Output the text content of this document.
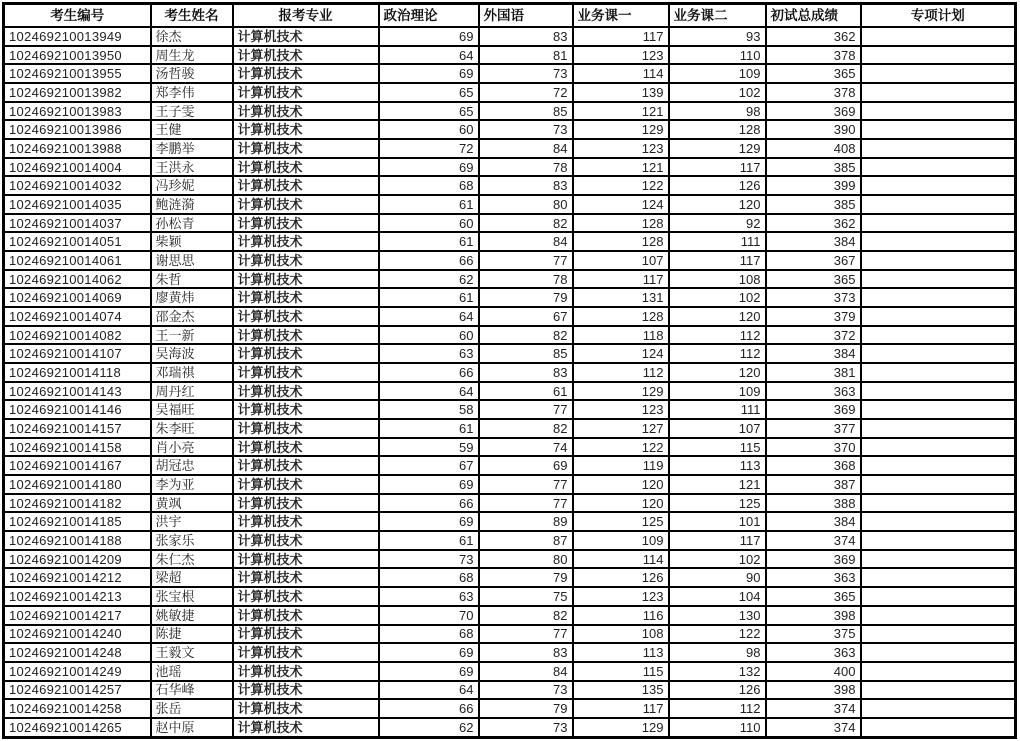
考生编号	考生姓名	报考专业	政治理论	外国语	业务课一	业务课二	初试总成绩	专项计划
102469210013949	徐杰	计算机技术	69	83	117	93	362	
102469210013950	周生龙	计算机技术	64	81	123	110	378	
102469210013955	汤哲骏	计算机技术	69	73	114	109	365	
102469210013982	郑李伟	计算机技术	65	72	139	102	378	
102469210013983	王子雯	计算机技术	65	85	121	98	369	
102469210013986	王健	计算机技术	60	73	129	128	390	
102469210013988	李鹏举	计算机技术	72	84	123	129	408	
102469210014004	王洪永	计算机技术	69	78	121	117	385	
102469210014032	冯珍妮	计算机技术	68	83	122	126	399	
102469210014035	鲍涟漪	计算机技术	61	80	124	120	385	
102469210014037	孙松青	计算机技术	60	82	128	92	362	
102469210014051	柴颖	计算机技术	61	84	128	111	384	
102469210014061	谢思思	计算机技术	66	77	107	117	367	
102469210014062	朱哲	计算机技术	62	78	117	108	365	
102469210014069	廖黄炜	计算机技术	61	79	131	102	373	
102469210014074	邵金杰	计算机技术	64	67	128	120	379	
102469210014082	王一新	计算机技术	60	82	118	112	372	
102469210014107	吴海波	计算机技术	63	85	124	112	384	
102469210014118	邓瑞祺	计算机技术	66	83	112	120	381	
102469210014143	周丹红	计算机技术	64	61	129	109	363	
102469210014146	吴福旺	计算机技术	58	77	123	111	369	
102469210014157	朱李旺	计算机技术	61	82	127	107	377	
102469210014158	肖小亮	计算机技术	59	74	122	115	370	
102469210014167	胡冠忠	计算机技术	67	69	119	113	368	
102469210014180	李为亚	计算机技术	69	77	120	121	387	
102469210014182	黄飒	计算机技术	66	77	120	125	388	
102469210014185	洪宇	计算机技术	69	89	125	101	384	
102469210014188	张家乐	计算机技术	61	87	109	117	374	
102469210014209	朱仁杰	计算机技术	73	80	114	102	369	
102469210014212	梁超	计算机技术	68	79	126	90	363	
102469210014213	张宝根	计算机技术	63	75	123	104	365	
102469210014217	姚敏捷	计算机技术	70	82	116	130	398	
102469210014240	陈捷	计算机技术	68	77	108	122	375	
102469210014248	王毅文	计算机技术	69	83	113	98	363	
102469210014249	池瑶	计算机技术	69	84	115	132	400	
102469210014257	石华峰	计算机技术	64	73	135	126	398	
102469210014258	张岳	计算机技术	66	79	117	112	374	
102469210014265	赵中原	计算机技术	62	73	129	110	374	
